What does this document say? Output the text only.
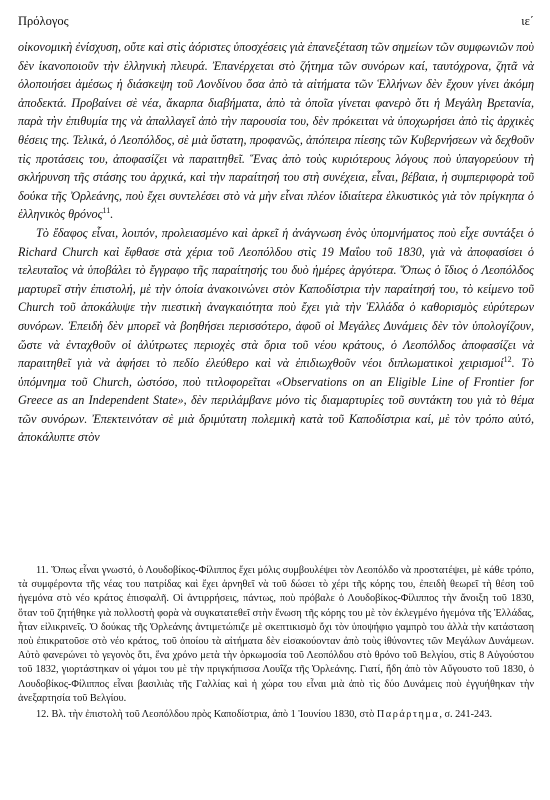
Πρόλογος	ιε΄

οἰκονομικὴ ἐνίσχυση, οὔτε καὶ στὶς ἀόριστες ὑποσχέσεις γιὰ ἐπανεξέταση τῶν σημείων τῶν συμφωνιῶν ποὺ δὲν ἱκανοποιοῦν τὴν ἑλληνικὴ πλευρά. Ἐπανέρχεται στὸ ζήτημα τῶν συνόρων καί, ταυτόχρονα, ζητᾶ νὰ ὁλοποιήσει ἀμέσως ἡ διάσκεψη τοῦ Λονδίνου ὅσα ἀπὸ τὰ αἰτήματα τῶν Ἑλλήνων δὲν ἔχουν γίνει ἀκόμη ἀποδεκτά. Προβαίνει σὲ νέα, ἄκαρπα διαβήματα, ἀπὸ τὰ ὁποῖα γίνεται φανερὸ ὅτι ἡ Μεγάλη Βρετανία, παρὰ τὴν ἐπιθυμία της νὰ ἀπαλλαγεῖ ἀπὸ τὴν παρουσία του, δὲν πρόκειται νὰ ὑποχωρήσει ἀπὸ τὶς ἀρχικὲς θέσεις της. Τελικά, ὁ Λεοπόλδος, σὲ μιὰ ὕστατη, προφανῶς, ἀπόπειρα πίεσης τῶν Κυβερνήσεων νὰ δεχθοῦν τὶς προτάσεις του, ἀποφασίζει νὰ παραιτηθεῖ. Ἕνας ἀπὸ τοὺς κυριότερους λόγους ποὺ ὑπαγορεύουν τὴ σκλήρυνση τῆς στάσης του ἀρχικά, καὶ τὴν παραίτησή του στὴ συνέχεια, εἶναι, βέβαια, ἡ συμπεριφορὰ τοῦ δούκα τῆς Ὀρλεάνης, ποὺ ἔχει συντελέσει στὸ νὰ μὴν εἶναι πλέον ἰδιαίτερα ἑλκυστικὸς γιὰ τὸν πρίγκηπα ὁ ἑλληνικὸς θρόνος$^{11}$.

Τὸ ἔδαφος εἶναι, λοιπόν, προλειασμένο καὶ ἀρκεῖ ἡ ἀνάγνωση ἑνὸς ὑπομνήματος ποὺ εἶχε συντάξει ὁ Richard Church καὶ ἔφθασε στὰ χέρια τοῦ Λεοπόλδου στὶς 19 Μαΐου τοῦ 1830, γιὰ νὰ ἀποφασίσει ὁ τελευταῖος νὰ ὑποβάλει τὸ ἔγγραφο τῆς παραίτησής του δυὸ ἡμέρες ἀργότερα. Ὅπως ὁ ἴδιος ὁ Λεοπόλδος μαρτυρεῖ στὴν ἐπιστολή, μὲ τὴν ὁποία ἀνακοινώνει στὸν Καποδίστρια τὴν παραίτησή του, τὸ κείμενο τοῦ Church τοῦ ἀποκάλυψε τὴν πιεστικὴ ἀναγκαιότητα ποὺ ἔχει γιὰ τὴν Ἑλλάδα ὁ καθορισμὸς εὐρύτερων συνόρων. Ἐπειδὴ δὲν μπορεῖ νὰ βοηθήσει περισσότερο, ἀφοῦ οἱ Μεγάλες Δυνάμεις δὲν τὸν ὑπολογίζουν, ὥστε νὰ ἐνταχθοῦν οἱ ἀλύτρωτες περιοχὲς στὰ ὅρια τοῦ νέου κράτους, ὁ Λεοπόλδος ἀποφασίζει νὰ παραιτηθεῖ γιὰ νὰ ἀφήσει τὸ πεδίο ἐλεύθερο καὶ νὰ ἐπιδιωχθοῦν νέοι διπλωματικοὶ χειρισμοί$^{12}$. Τὸ ὑπόμνημα τοῦ Church, ὡστόσο, ποὺ τιτλοφορεῖται «Observations on an Eligible Line of Frontier for Greece as an Independent State», δὲν περιλάμβανε μόνο τὶς διαμαρτυρίες τοῦ συντάκτη του γιὰ τὸ θέμα τῶν συνόρων. Ἐπεκτεινόταν σὲ μιὰ δριμύτατη πολεμικὴ κατὰ τοῦ Καποδίστρια καί, μὲ τὸν τρόπο αὐτό, ἀποκάλυπτε στὸν

11. Ὅπως εἶναι γνωστό, ὁ Λουδοβίκος-Φίλιππος ἔχει μόλις συμβουλέψει τὸν Λεοπόλδο νὰ προστατέψει, μὲ κάθε τρόπο, τὰ συμφέροντα τῆς νέας του πατρίδας καὶ ἔχει ἀρνηθεῖ νὰ τοῦ δώσει τὸ χέρι τῆς κόρης του, ἐπειδὴ θεωρεῖ τὴ θέση τοῦ ἡγεμόνα στὸ νέο κράτος ἐπισφαλῆ. Οἱ ἀντιρρήσεις, πάντως, ποὺ πρόβαλε ὁ Λουδοβίκος-Φίλιππος τὴν ἄνοιξη τοῦ 1830, ὅταν τοῦ ζητήθηκε γιὰ πολλοστὴ φορὰ νὰ συγκατατεθεῖ στὴν ἕνωση τῆς κόρης του μὲ τὸν ἐκλεγμένο ἡγεμόνα τῆς Ἑλλάδας, ἦταν εἰλικρινεῖς. Ὁ δούκας τῆς Ὀρλεάνης ἀντιμετώπιζε μὲ σκεπτικισμὸ ὄχι τὸν ὑποψήφιο γαμπρὸ του ἀλλὰ τὴν κατάσταση ποὺ ἐπικρατοῦσε στὸ νέο κράτος, τοῦ ὁποίου τὰ αἰτήματα δὲν εἰσακούονταν ἀπὸ τοὺς ἰθύνοντες τῶν Μεγάλων Δυνάμεων. Αὐτὸ φανερώνει τὸ γεγονὸς ὅτι, ἕνα χρόνο μετὰ τὴν ὁρκωμοσία τοῦ Λεοπόλδου στὸ θρόνο τοῦ Βελγίου, στὶς 8 Αὐγούστου τοῦ 1832, γιορτάστηκαν οἱ γάμοι του μὲ τὴν πριγκήπισσα Λουΐζα τῆς Ὀρλεάνης. Γιατί, ἤδη ἀπὸ τὸν Αὔγουστο τοῦ 1830, ὁ Λουδοβίκος-Φίλιππος εἶναι βασιλιὰς τῆς Γαλλίας καὶ ἡ χώρα του εἶναι μιὰ ἀπὸ τὶς δύο Δυνάμεις ποὺ ἐγγυήθηκαν τὴν ἀνεξαρτησία τοῦ Βελγίου.

12. Βλ. τὴν ἐπιστολὴ τοῦ Λεοπόλδου πρὸς Καποδίστρια, ἀπὸ 1 Ἰουνίου 1830, στὸ Παράρτημα, σ. 241-243.
